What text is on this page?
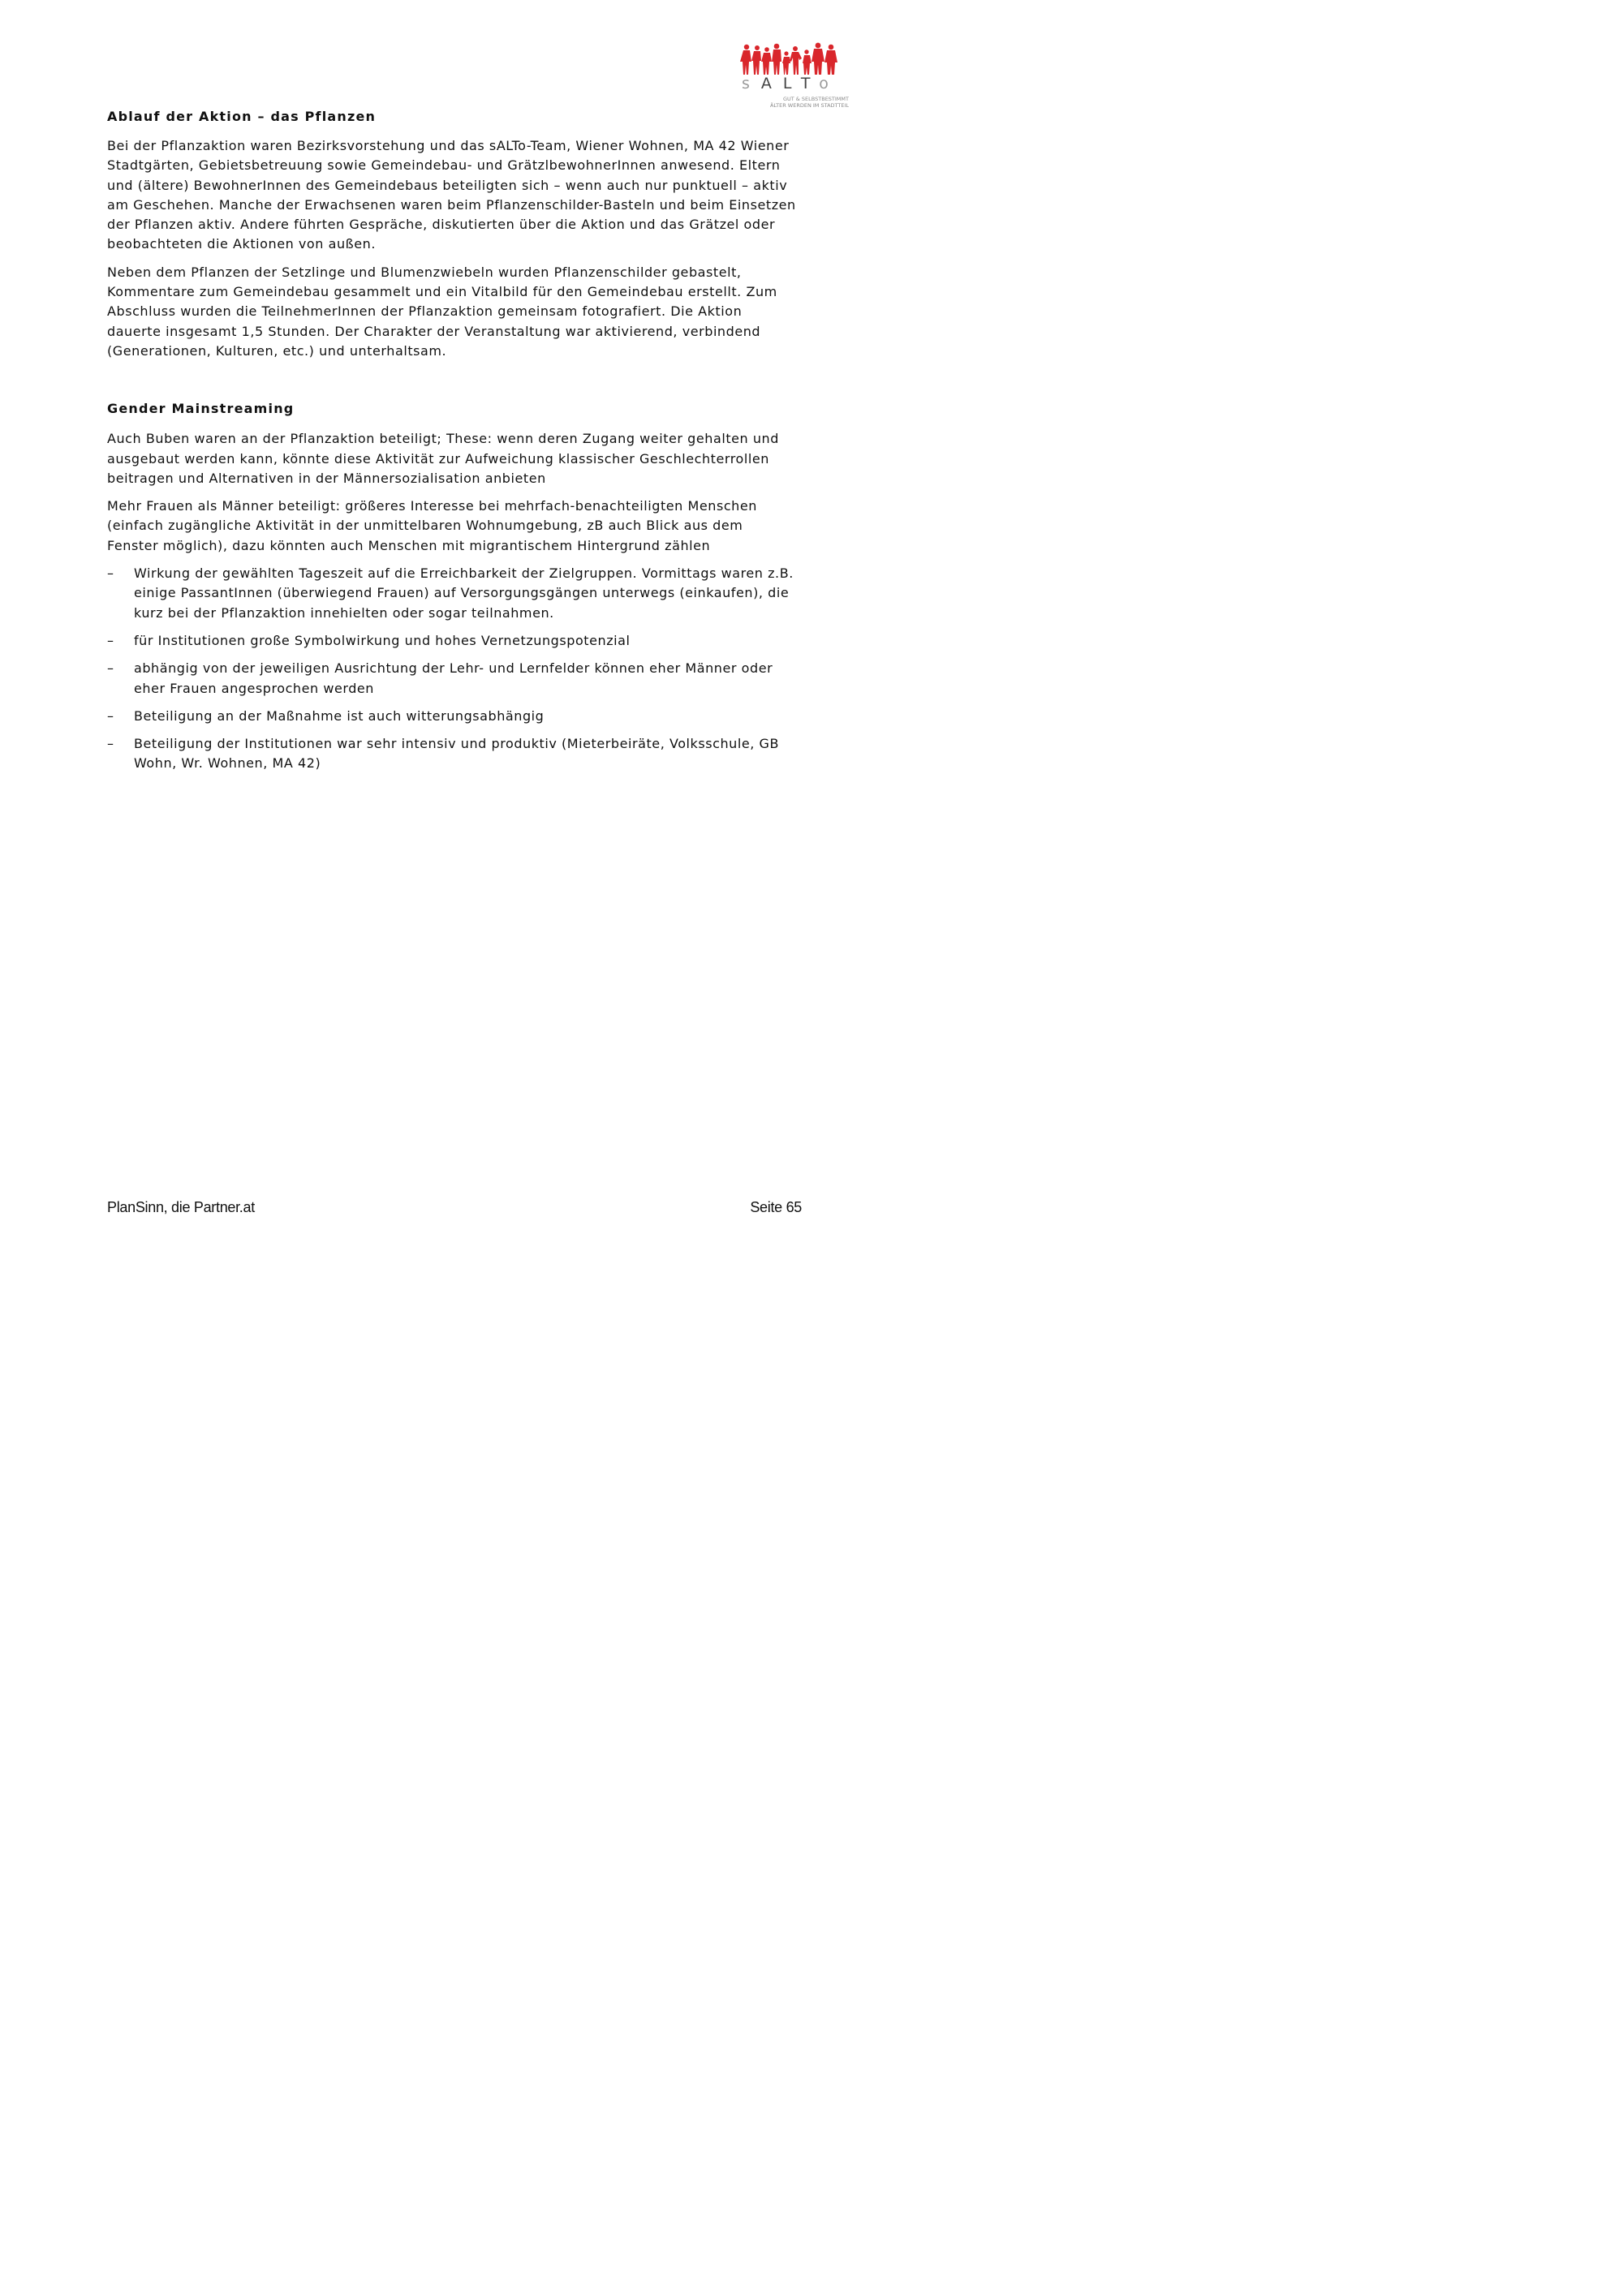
sALTo
GUT & SELBSTBESTIMMT
ÄLTER WERDEN IM STADTTEIL
Ablauf der Aktion – das Pflanzen

Bei der Pflanzaktion waren Bezirksvorstehung und das sALTo-Team, Wiener Wohnen, MA 42 Wiener Stadtgärten, Gebietsbetreuung sowie Gemeindebau- und GrätzlbewohnerInnen anwesend. Eltern und (ältere) BewohnerInnen des Gemeindebaus beteiligten sich – wenn auch nur punktuell – aktiv am Geschehen. Manche der Erwachsenen waren beim Pflanzenschilder-Basteln und beim Einsetzen der Pflanzen aktiv. Andere führten Gespräche, diskutierten über die Aktion und das Grätzel oder beobachteten die Aktionen von außen.

Neben dem Pflanzen der Setzlinge und Blumenzwiebeln wurden Pflanzenschilder gebastelt, Kommentare zum Gemeindebau gesammelt und ein Vitalbild für den Gemeindebau erstellt. Zum Abschluss wurden die TeilnehmerInnen der Pflanzaktion gemeinsam fotografiert. Die Aktion dauerte insgesamt 1,5 Stunden. Der Charakter der Veranstaltung war aktivierend, verbindend (Generationen, Kulturen, etc.) und unterhaltsam.

Gender Mainstreaming

Auch Buben waren an der Pflanzaktion beteiligt; These: wenn deren Zugang weiter gehalten und ausgebaut werden kann, könnte diese Aktivität zur Aufweichung klassischer Geschlechterrollen beitragen und Alternativen in der Männersozialisation anbieten

Mehr Frauen als Männer beteiligt: größeres Interesse bei mehrfach-benachteiligten Menschen (einfach zugängliche Aktivität in der unmittelbaren Wohnumgebung, zB auch Blick aus dem Fenster möglich), dazu könnten auch Menschen mit migrantischem Hintergrund zählen

– Wirkung der gewählten Tageszeit auf die Erreichbarkeit der Zielgruppen. Vormittags waren z.B. einige PassantInnen (überwiegend Frauen) auf Versorgungsgängen unterwegs (einkaufen), die kurz bei der Pflanzaktion innehielten oder sogar teilnahmen.
– für Institutionen große Symbolwirkung und hohes Vernetzungspotenzial
– abhängig von der jeweiligen Ausrichtung der Lehr- und Lernfelder können eher Männer oder eher Frauen angesprochen werden
– Beteiligung an der Maßnahme ist auch witterungsabhängig
– Beteiligung der Institutionen war sehr intensiv und produktiv (Mieterbeiräte, Volksschule, GB Wohn, Wr. Wohnen, MA 42)
PlanSinn, die Partner.at	Seite 65
